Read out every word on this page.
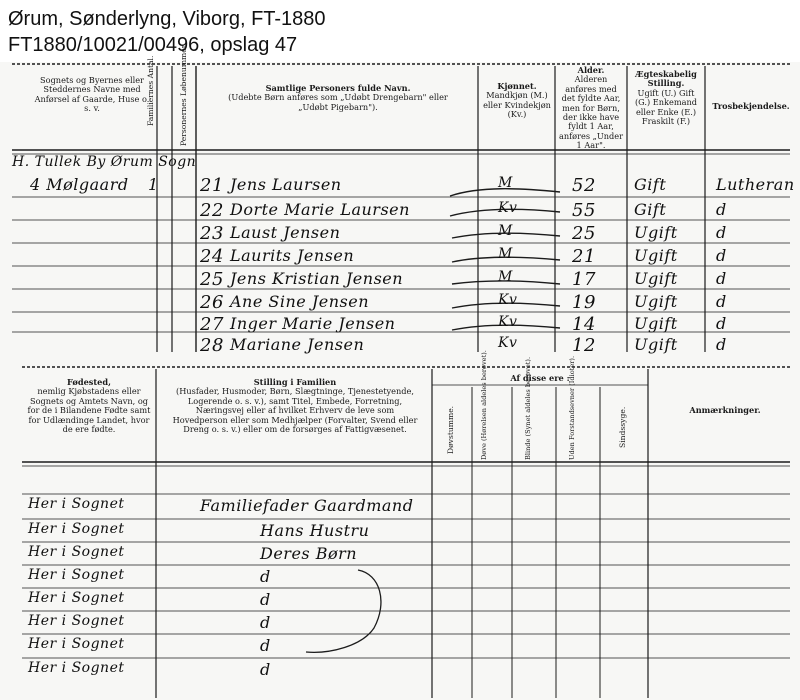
Ørum, Sønderlyng, Viborg, FT-1880
FT1880/10021/00496, opslag 47
Sognets og Byernes eller Steddernes Navne med Anførsel af Gaarde, Huse o. s. v.	Familiernes Antal.	Personernes Løbenummer.	Samtlige Personers fulde Navn.
(Udebte Børn anføres som „Udøbt Drengebarn" eller „Udøbt Pigebarn").
Kjønnet.
Mandkjøn (M.) eller Kvindekjøn (Kv.)
Alder.
Alderen anføres med det fyldte Aar, men for Børn, der ikke have fyldt 1 Aar, anføres „Under 1 Aar".
Ægteskabelig Stilling.
Ugift (U.) Gift (G.) Enkemand eller Enke (E.) Fraskilt (F.)
Trosbekjendelse.
H. Tullek By Ørum Sogn
4 Mølgaard 1 21 Jens Laursen	M	52 Gift	Lutheran
22 Dorte Marie Laursen	Kv	55 Gift	d
23 Laust Jensen	M	25 Ugift d
24 Laurits Jensen	M	21 Ugift d
25 Jens Kristian Jensen	M	17 Ugift d
26 Ane Sine Jensen	Kv	19 Ugift d
27 Inger Marie Jensen	Kv	14 Ugift d
28 Mariane Jensen	Kv	12 Ugift d
Fødested,
nemlig Kjøbstadens eller Sognets og Amtets Navn, og for de i Bilandene Fødte samt for Udlændinge Landet, hvor de ere fødte.
Stilling i Familien
(Husfader, Husmoder, Børn, Slægtninge, Tjenestetyende, Logerende o. s. v.), samt Titel, Embede, Forretning, Næringsvej eller af hvilket Erhverv de leve som Hovedperson eller som Medhjælper (Forvalter, Svend eller Dreng o. s. v.) eller om de forsørges af Fattigvæsenet.
Af disse ere :
Døvstumme.	Døve (Hørelsen aldeles berøvet).	Blinde (Synet aldeles berøvet).	Uden Forstandsevner (Idioter).	Sindssyge.	Anmærkninger.
Her i Sognet	Familiefader Gaardmand
Her i Sognet	Hans Hustru
Her i Sognet	Deres Børn
Her i Sognet	d
Her i Sognet	d
Her i Sognet	d
Her i Sognet	d
Her i Sognet	d
